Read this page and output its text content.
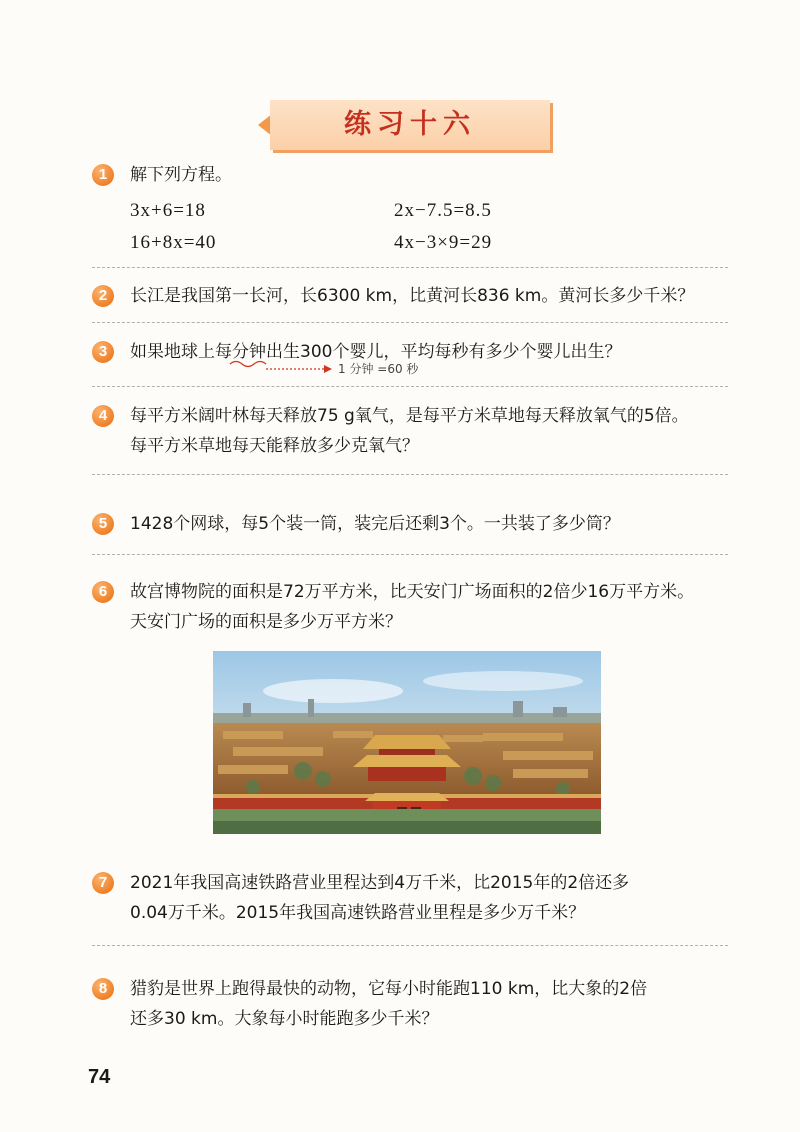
练习十六
1	解下列方程。
3x+6=18	2x−7.5=8.5
16+8x=40	4x−3×9=29
2	长江是我国第一长河，长6300 km，比黄河长836 km。黄河长多少千米？
3	如果地球上每分钟出生300个婴儿，平均每秒有多少个婴儿出生？
1 分钟 =60 秒
4	每平方米阔叶林每天释放75 g氧气，是每平方米草地每天释放氧气的5倍。
每平方米草地每天能释放多少克氧气？
5	1428个网球，每5个装一筒，装完后还剩3个。一共装了多少筒？
6	故宫博物院的面积是72万平方米，比天安门广场面积的2倍少16万平方米。
天安门广场的面积是多少万平方米？
7	2021年我国高速铁路营业里程达到4万千米，比2015年的2倍还多
0.04万千米。2015年我国高速铁路营业里程是多少万千米？
8	猎豹是世界上跑得最快的动物，它每小时能跑110 km，比大象的2倍
还多30 km。大象每小时能跑多少千米？
74
